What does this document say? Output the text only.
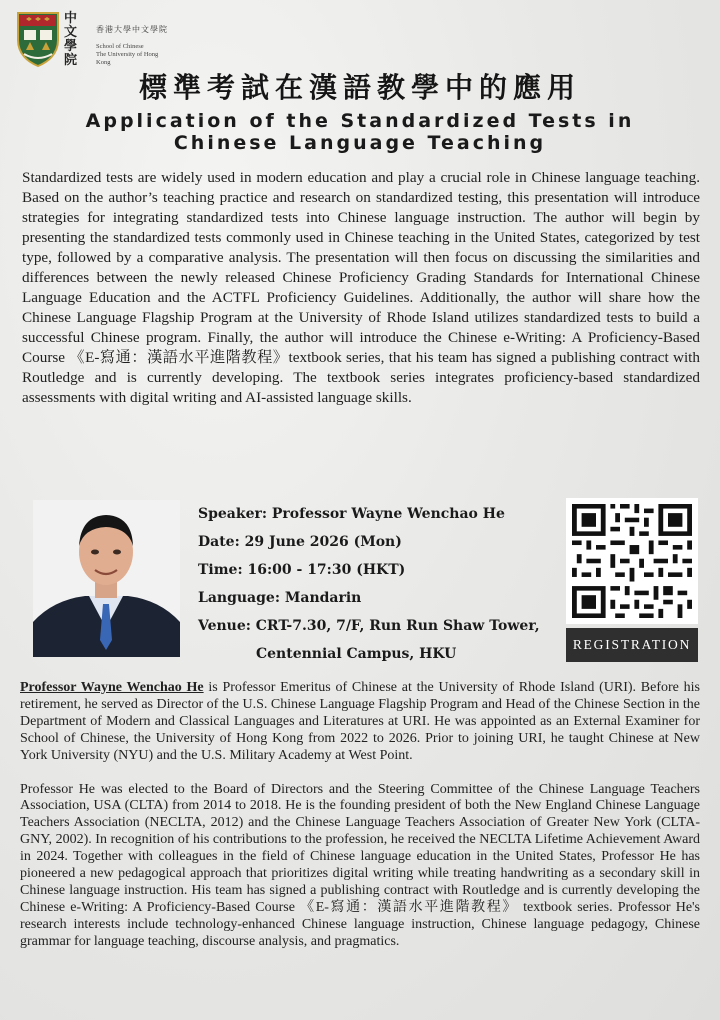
中文學院
香港大學中文學院
School of Chinese
The University of Hong Kong
標準考試在漢語教學中的應用
Application of the Standardized Tests in
Chinese Language Teaching
Standardized tests are widely used in modern education and play a crucial role in Chinese language teaching. Based on the author’s teaching practice and research on standardized testing, this presentation will introduce strategies for integrating standardized tests into Chinese language instruction. The author will begin by presenting the standardized tests commonly used in Chinese teaching in the United States, categorized by test type, followed by a comparative analysis. The presentation will then focus on discussing the similarities and differences between the newly released Chinese Proficiency Grading Standards for International Chinese Language Education and the ACTFL Proficiency Guidelines. Additionally, the author will share how the Chinese Language Flagship Program at the University of Rhode Island utilizes standardized tests to build a successful Chinese program. Finally, the author will introduce the Chinese e-Writing: A Proficiency-Based Course 《E-寫通：漢語水平進階教程》textbook series, that his team has signed a publishing contract with Routledge and is currently developing. The textbook series integrates proficiency-based standardized assessments with digital writing and AI-assisted language skills.
Speaker: Professor Wayne Wenchao He
Date: 29 June 2026 (Mon)
Time: 16:00 - 17:30 (HKT)
Language: Mandarin
Venue: CRT-7.30, 7/F, Run Run Shaw Tower,
Centennial Campus, HKU
REGISTRATION
Professor Wayne Wenchao He is Professor Emeritus of Chinese at the University of Rhode Island (URI). Before his retirement, he served as Director of the U.S. Chinese Language Flagship Program and Head of the Chinese Section in the Department of Modern and Classical Languages and Literatures at URI. He was appointed as an External Examiner for School of Chinese, the University of Hong Kong from 2022 to 2026. Prior to joining URI, he taught Chinese at New York University (NYU) and the U.S. Military Academy at West Point.
Professor He was elected to the Board of Directors and the Steering Committee of the Chinese Language Teachers Association, USA (CLTA) from 2014 to 2018. He is the founding president of both the New England Chinese Language Teachers Association (NECLTA, 2012) and the Chinese Language Teachers Association of Greater New York (CLTA-GNY, 2002). In recognition of his contributions to the profession, he received the NECLTA Lifetime Achievement Award in 2024. Together with colleagues in the field of Chinese language education in the United States, Professor He has pioneered a new pedagogical approach that prioritizes digital writing while treating handwriting as a secondary skill in Chinese language instruction. His team has signed a publishing contract with Routledge and is currently developing the Chinese e-Writing: A Proficiency-Based Course 《E-寫通：漢語水平進階教程》 textbook series. Professor He's research interests include technology-enhanced Chinese language instruction, Chinese language pedagogy, Chinese grammar for language teaching, discourse analysis, and pragmatics.
